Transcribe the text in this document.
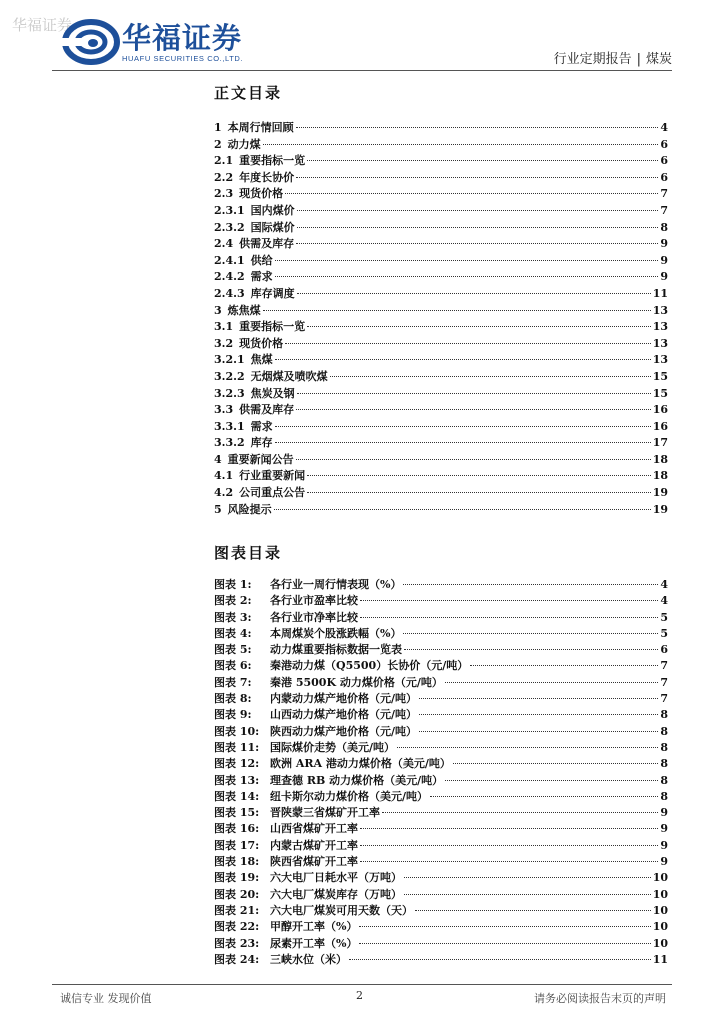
华福证券 华福证券
HUAFU SECURITIES CO.,LTD.	行业定期报告 | 煤炭
正文目录
1 本周行情回顾	4
2 动力煤	6
2.1 重要指标一览	6
2.2 年度长协价	6
2.3 现货价格	7
2.3.1 国内煤价	7
2.3.2 国际煤价	8
2.4 供需及库存	9
2.4.1 供给	9
2.4.2 需求	9
2.4.3 库存调度	11
3 炼焦煤	13
3.1 重要指标一览	13
3.2 现货价格	13
3.2.1 焦煤	13
3.2.2 无烟煤及喷吹煤	15
3.2.3 焦炭及钢	15
3.3 供需及库存	16
3.3.1 需求	16
3.3.2 库存	17
4 重要新闻公告	18
4.1 行业重要新闻	18
4.2 公司重点公告	19
5 风险提示	19
图表目录
图表 1:	各行业一周行情表现（%）	4
图表 2:	各行业市盈率比较	4
图表 3:	各行业市净率比较	5
图表 4:	本周煤炭个股涨跌幅（%）	5
图表 5:	动力煤重要指标数据一览表	6
图表 6:	秦港动力煤（Q5500）长协价（元/吨）	7
图表 7:	秦港 5500K 动力煤价格（元/吨）	7
图表 8:	内蒙动力煤产地价格（元/吨）	7
图表 9:	山西动力煤产地价格（元/吨）	8
图表 10: 陕西动力煤产地价格（元/吨）	8
图表 11: 国际煤价走势（美元/吨）	8
图表 12: 欧洲 ARA 港动力煤价格（美元/吨）	8
图表 13: 理查德 RB 动力煤价格（美元/吨）	8
图表 14: 纽卡斯尔动力煤价格（美元/吨）	8
图表 15: 晋陕蒙三省煤矿开工率	9
图表 16: 山西省煤矿开工率	9
图表 17: 内蒙古煤矿开工率	9
图表 18: 陕西省煤矿开工率	9
图表 19: 六大电厂日耗水平（万吨）	10
图表 20: 六大电厂煤炭库存（万吨）	10
图表 21: 六大电厂煤炭可用天数（天）	10
图表 22: 甲醇开工率（%）	10
图表 23: 尿素开工率（%）	10
图表 24: 三峡水位（米）	11
诚信专业 发现价值	2	请务必阅读报告末页的声明
